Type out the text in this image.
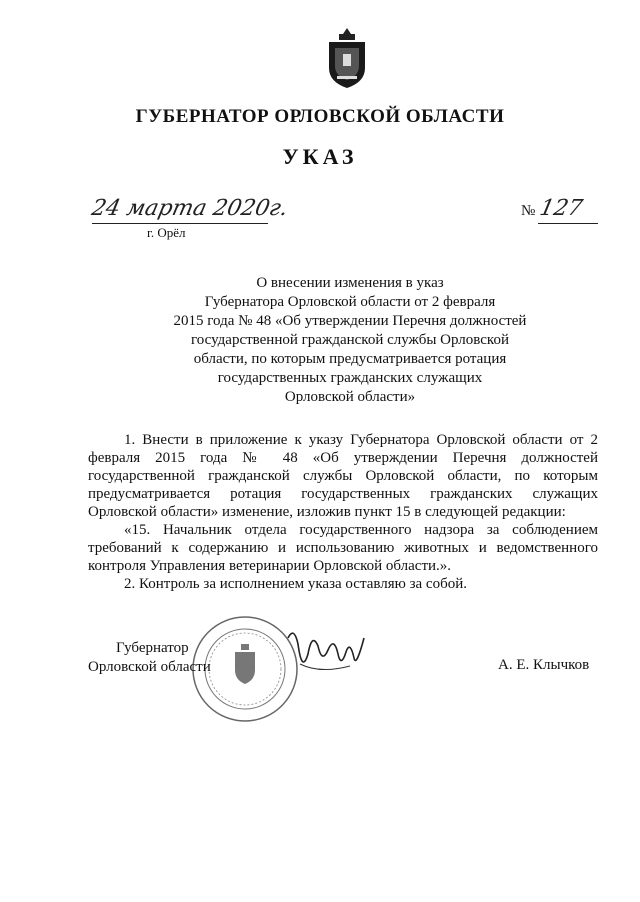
ГУБЕРНАТОР ОРЛОВСКОЙ ОБЛАСТИ
УКАЗ
24 марта 2020г.
г. Орёл
№ 127
О внесении изменения в указ
Губернатора Орловской области от 2 февраля
2015 года № 48 «Об утверждении Перечня должностей
государственной гражданской службы Орловской
области, по которым предусматривается ротация
государственных гражданских служащих
Орловской области»

1. Внести в приложение к указу Губернатора Орловской области от 2 февраля 2015 года № 48 «Об утверждении Перечня должностей государственной гражданской службы Орловской области, по которым предусматривается ротация государственных гражданских служащих Орловской области» изменение, изложив пункт 15 в следующей редакции:

«15. Начальник отдела государственного надзора за соблюдением требований к содержанию и использованию животных и ведомственного контроля Управления ветеринарии Орловской области.».

2. Контроль за исполнением указа оставляю за собой.

Губернатор
Орловской области	А. Е. Клычков
